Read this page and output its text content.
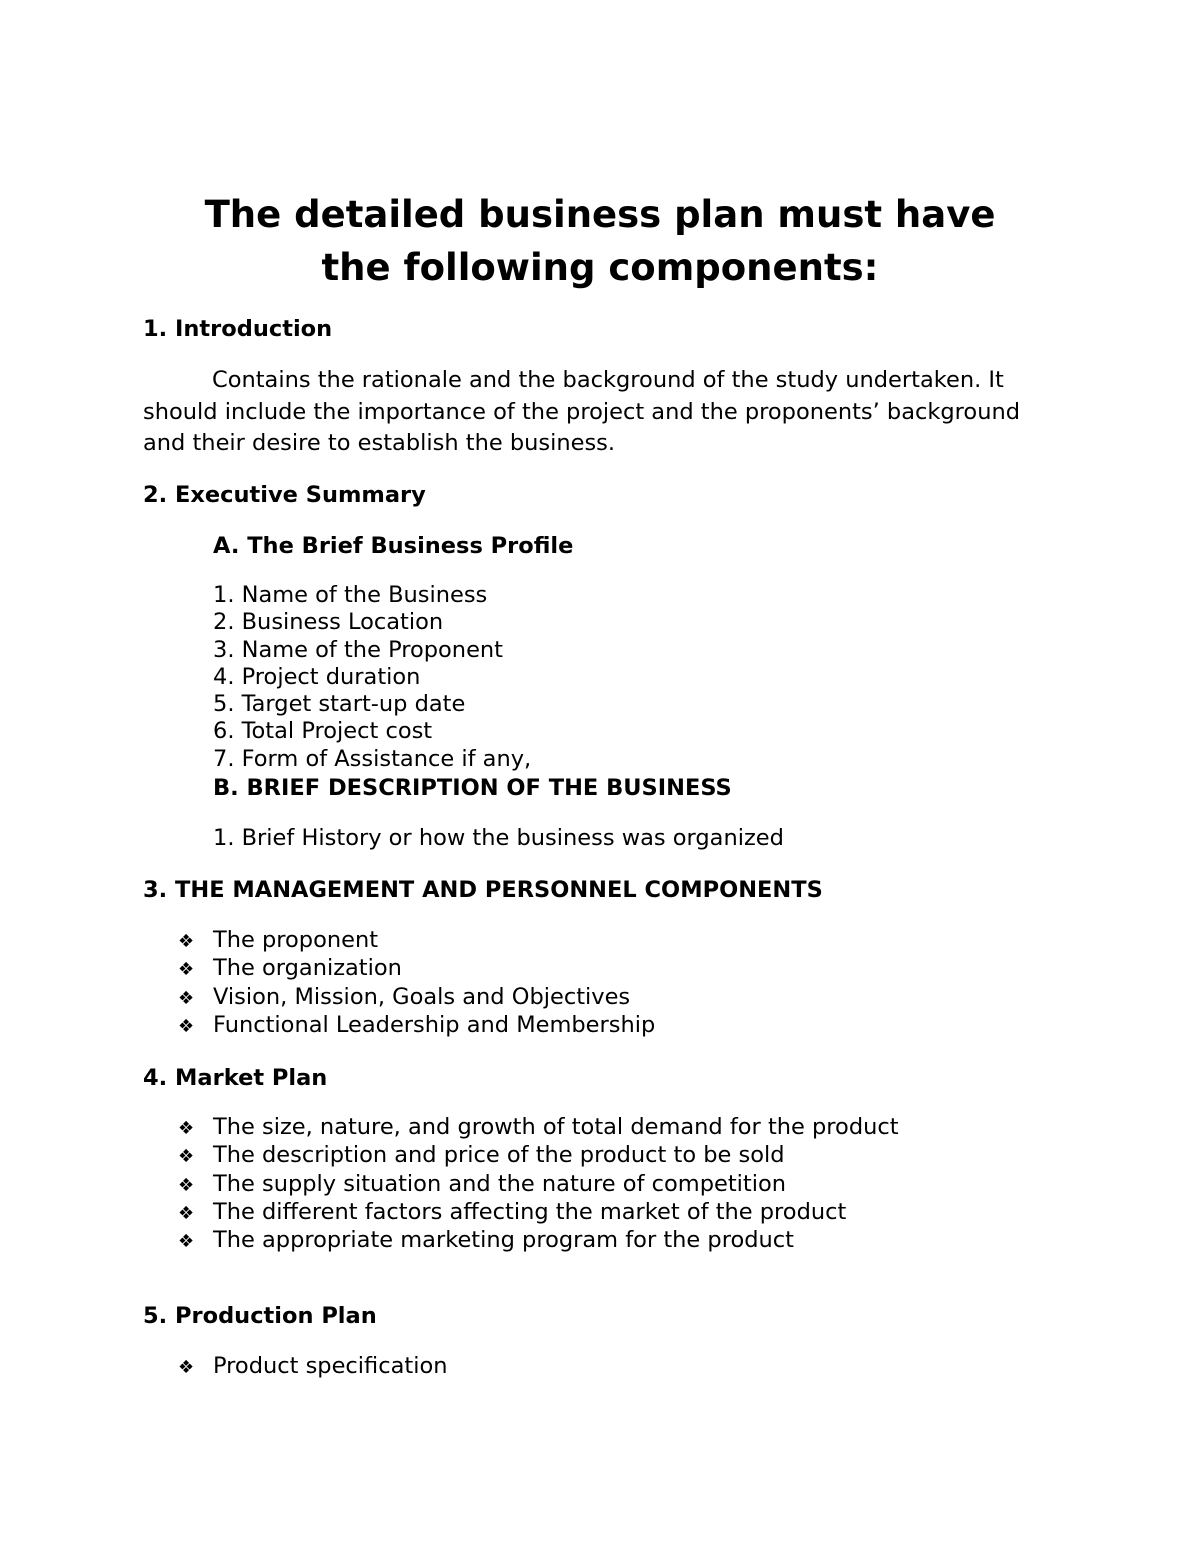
The detailed business plan must have
the following components:

1. Introduction

Contains the rationale and the background of the study undertaken. It should include the importance of the project and the proponents’ background and their desire to establish the business.

2. Executive Summary

A. The Brief Business Profile

1. Name of the Business
2. Business Location
3. Name of the Proponent
4. Project duration
5. Target start-up date
6. Total Project cost
7. Form of Assistance if any,

B. BRIEF DESCRIPTION OF THE BUSINESS

1. Brief History or how the business was organized

3. THE MANAGEMENT AND PERSONNEL COMPONENTS

❖ The proponent
❖ The organization
❖ Vision, Mission, Goals and Objectives
❖ Functional Leadership and Membership

4. Market Plan

❖ The size, nature, and growth of total demand for the product
❖ The description and price of the product to be sold
❖ The supply situation and the nature of competition
❖ The different factors affecting the market of the product
❖ The appropriate marketing program for the product

5. Production Plan

❖ Product specification
